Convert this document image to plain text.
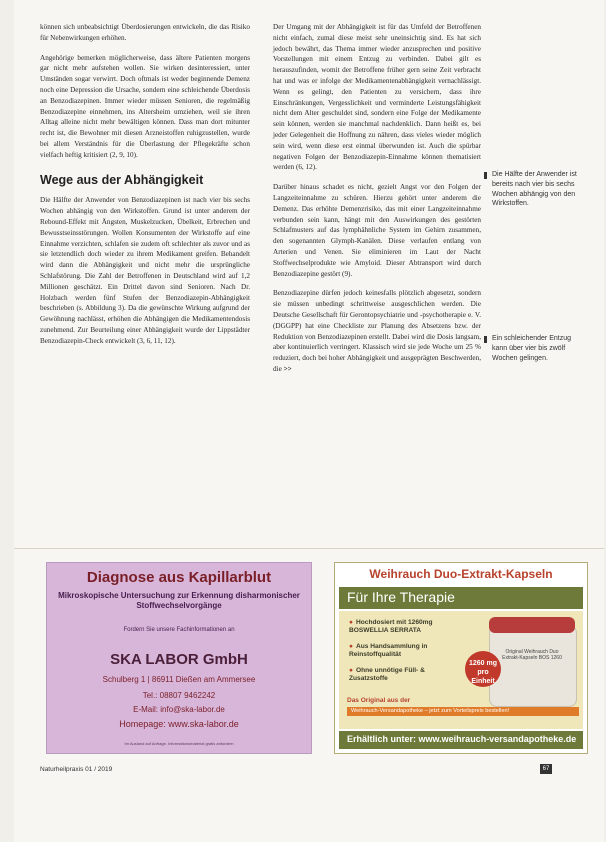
können sich unbeabsichtigt Überdosierungen entwickeln, die das Risiko für Nebenwirkungen erhöhen.

Angehörige bemerken möglicherweise, dass ältere Patienten morgens gar nicht mehr aufstehen wollen. Sie wirken desinteressiert, unter Umständen sogar verwirrt. Doch oftmals ist weder beginnende Demenz noch eine Depression die Ursache, sondern eine schleichende Überdosis an Benzodiazepinen. Immer wieder müssen Senioren, die regelmäßig Benzodiazepine einnehmen, ins Altersheim umziehen, weil sie ihren Alltag alleine nicht mehr bewältigen können. Dass man dort mitunter recht ist, die Bewohner mit diesen Arzneistoffen ruhigzustellen, wurde bei allem Verständnis für die Überlastung der Pflegekräfte schon vielfach heftig kritisiert (2, 9, 10).

Wege aus der Abhängigkeit

Die Hälfte der Anwender von Benzodiazepinen ist nach vier bis sechs Wochen abhängig von den Wirkstoffen. Grund ist unter anderem der Rebound-Effekt mit Ängsten, Muskelzucken, Übelkeit, Erbrechen und Bewusstseinsstörungen. Wollen Konsumenten der Wirkstoffe auf eine Einnahme verzichten, schlafen sie zudem oft schlechter als zuvor und as sie letztendlich doch wieder zu ihrem Medikament greifen. Behandelt wird dann die Abhängigkeit und nicht mehr die ursprüngliche Schlafstörung. Die Zahl der Betroffenen in Deutschland wird auf 1,2 Millionen geschätzt. Ein Drittel davon sind Senioren. Nach Dr. Holzbach werden fünf Stufen der Benzodiazepin-Abhängigkeit beschrieben (s. Abbildung 3). Da die gewünschte Wirkung aufgrund der Gewöhnung nachlässt, erhöhen die Abhängigen die Medikamentendosis zunehmend. Zur Beurteilung einer Abhängigkeit wurde der Lippstädter Benzodiazepin-Check entwickelt (3, 6, 11, 12).

Der Umgang mit der Abhängigkeit ist für das Umfeld der Betroffenen nicht einfach, zumal diese meist sehr uneinsichtig sind. Es hat sich jedoch bewährt, das Thema immer wieder anzusprechen und positive Vorstellungen mit einem Entzug zu verbinden. Dabei gilt es herauszufinden, womit der Betroffene früher gern seine Zeit verbracht hat und was er infolge der Medikamentenabhängigkeit vernachlässigt. Wenn es gelingt, den Patienten zu versichern, dass ihre Einschränkungen, Vergesslichkeit und verminderte Leistungsfähigkeit nicht dem Alter geschuldet sind, sondern eine Folge der Medikamente sein können, werden sie manchmal nachdenklich. Dann heißt es, bei jeder Gelegenheit die Hoffnung zu nähren, dass vieles wieder möglich sein wird, wenn diese erst einmal überwunden ist. Auch die spürbar negativen Folgen der Benzodiazepin-Einnahme können thematisiert werden (6, 12).

Darüber hinaus schadet es nicht, gezielt Angst vor den Folgen der Langzeiteinnahme zu schüren. Hierzu gehört unter anderem die Demenz. Das erhöhte Demenzrisiko, das mit einer Langzeiteinnahme verbunden sein kann, hängt mit den Auswirkungen des gestörten Schlafmusters auf das lymphähnliche System im Gehirn zusammen, den sogenannten Glymph-Kanälen. Diese verlaufen entlang von Arterien und Venen. Sie eliminieren im Laut der Nacht Stoffwechselprodukte wie Amyloid. Dieser Abtransport wird durch Benzodiazepine gestört (9).

Benzodiazepine dürfen jedoch keinesfalls plötzlich abgesetzt, sondern sie müssen unbedingt schrittweise ausgeschlichen werden. Die Deutsche Gesellschaft für Gerontopsychiatrie und -psychotherapie e. V. (DGGPP) hat eine Checkliste zur Planung des Absetzens bzw. der Reduktion von Benzodiazepinen erstellt. Dabei wird die Dosis langsam, aber kontinuierlich verringert. Klassisch wird sie jede Woche um 25 % reduziert, doch bei hoher Abhängigkeit und ausgeprägten Beschwerden, die >>

Die Hälfte der Anwender ist bereits nach vier bis sechs Wochen abhängig von den Wirkstoffen.
Ein schleichender Entzug kann über vier bis zwölf Wochen gelingen.
Diagnose aus Kapillarblut
Mikroskopische Untersuchung zur Erkennung disharmonischer Stoffwechselvorgänge
Fordern Sie unsere Fachinformationen an
SKA LABOR GmbH
Schulberg 1 | 86911 Dießen am Ammersee
Tel.: 08807 9462242
E-Mail: info@ska-labor.de
Homepage: www.ska-labor.de
Im Ausland auf Anfrage. Informationsmaterial gratis anfordern
Weihrauch Duo-Extrakt-Kapseln
Für Ihre Therapie
● Hochdosiert mit 1260mg BOSWELLIA SERRATA
● Aus Handsammlung in Reinstoffqualität
● Ohne unnötige Füll- & Zusatzstoffe
Original Weihrauch Duo Extrakt-Kapseln BOS 1260
1260 mg pro Einheit
Das Original aus der
Weihrauch-Versandapotheke – jetzt zum Vorteilspreis bestellen!
Erhältlich unter: www.weihrauch-versandapotheke.de
Naturheilpraxis 01 / 2019	67
